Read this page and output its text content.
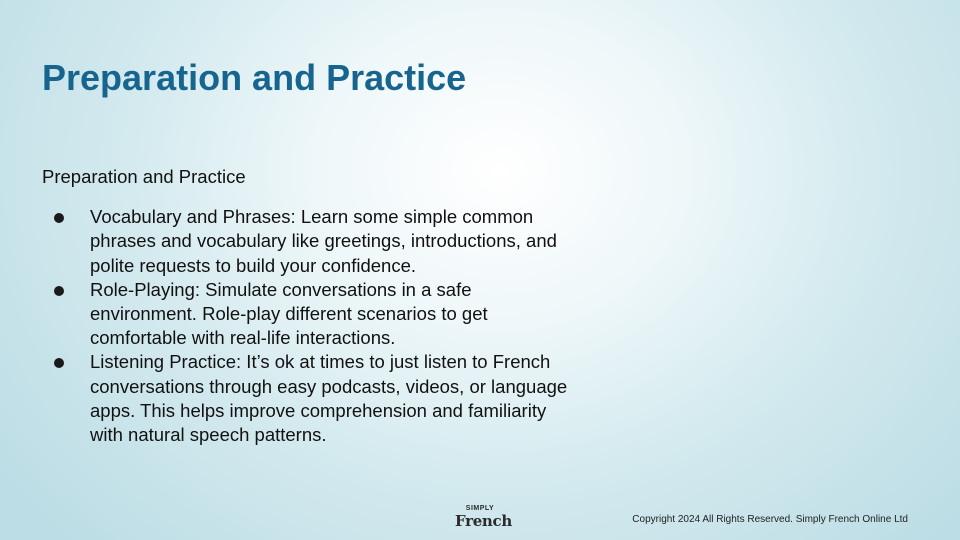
Preparation and Practice

Preparation and Practice

Vocabulary and Phrases: Learn some simple common phrases and vocabulary like greetings, introductions, and polite requests to build your confidence.
Role-Playing: Simulate conversations in a safe environment. Role-play different scenarios to get comfortable with real-life interactions.
Listening Practice: It’s ok at times to just listen to French conversations through easy podcasts, videos, or language apps. This helps improve comprehension and familiarity with natural speech patterns.
SIMPLY
French	Copyright 2024 All Rights Reserved. Simply French Online Ltd
